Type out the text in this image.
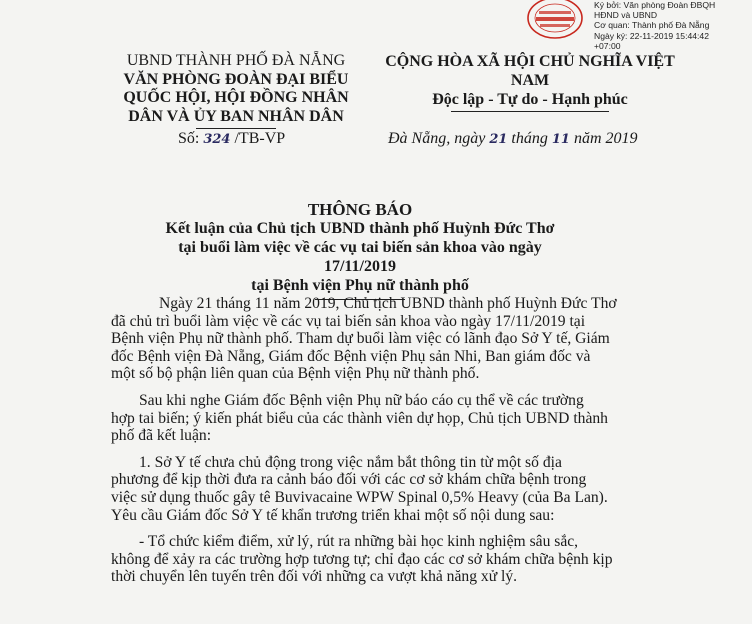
Ký bởi: Văn phòng Đoàn ĐBQH
HĐND và UBND
Cơ quan: Thành phố Đà Nẵng
Ngày ký: 22-11-2019 15:44:42
+07:00
UBND THÀNH PHỐ ĐÀ NẴNG
VĂN PHÒNG ĐOÀN ĐẠI BIỂU
QUỐC HỘI, HỘI ĐỒNG NHÂN
DÂN VÀ ỦY BAN NHÂN DÂN
CỘNG HÒA XÃ HỘI CHỦ NGHĨA VIỆT NAM
Độc lập - Tự do - Hạnh phúc
Số: 324 /TB-VP	Đà Nẵng, ngày 21 tháng 11 năm 2019
THÔNG BÁO
Kết luận của Chủ tịch UBND thành phố Huỳnh Đức Thơ
tại buổi làm việc về các vụ tai biến sản khoa vào ngày 17/11/2019
tại Bệnh viện Phụ nữ thành phố
Ngày 21 tháng 11 năm 2019, Chủ tịch UBND thành phố Huỳnh Đức Thơ
đã chủ trì buổi làm việc về các vụ tai biến sản khoa vào ngày 17/11/2019 tại
Bệnh viện Phụ nữ thành phố. Tham dự buổi làm việc có lãnh đạo Sở Y tế, Giám
đốc Bệnh viện Đà Nẵng, Giám đốc Bệnh viện Phụ sản Nhi, Ban giám đốc và
một số bộ phận liên quan của Bệnh viện Phụ nữ thành phố.
Sau khi nghe Giám đốc Bệnh viện Phụ nữ báo cáo cụ thể về các trường
hợp tai biến; ý kiến phát biểu của các thành viên dự họp, Chủ tịch UBND thành
phố đã kết luận:
1. Sở Y tế chưa chủ động trong việc nắm bắt thông tin từ một số địa
phương để kịp thời đưa ra cảnh báo đối với các cơ sở khám chữa bệnh trong
việc sử dụng thuốc gây tê Buvivacaine WPW Spinal 0,5% Heavy (của Ba Lan).
Yêu cầu Giám đốc Sở Y tế khẩn trương triển khai một số nội dung sau:
- Tổ chức kiểm điểm, xử lý, rút ra những bài học kinh nghiệm sâu sắc,
không để xảy ra các trường hợp tương tự; chỉ đạo các cơ sở khám chữa bệnh kịp
thời chuyển lên tuyến trên đối với những ca vượt khả năng xử lý.
